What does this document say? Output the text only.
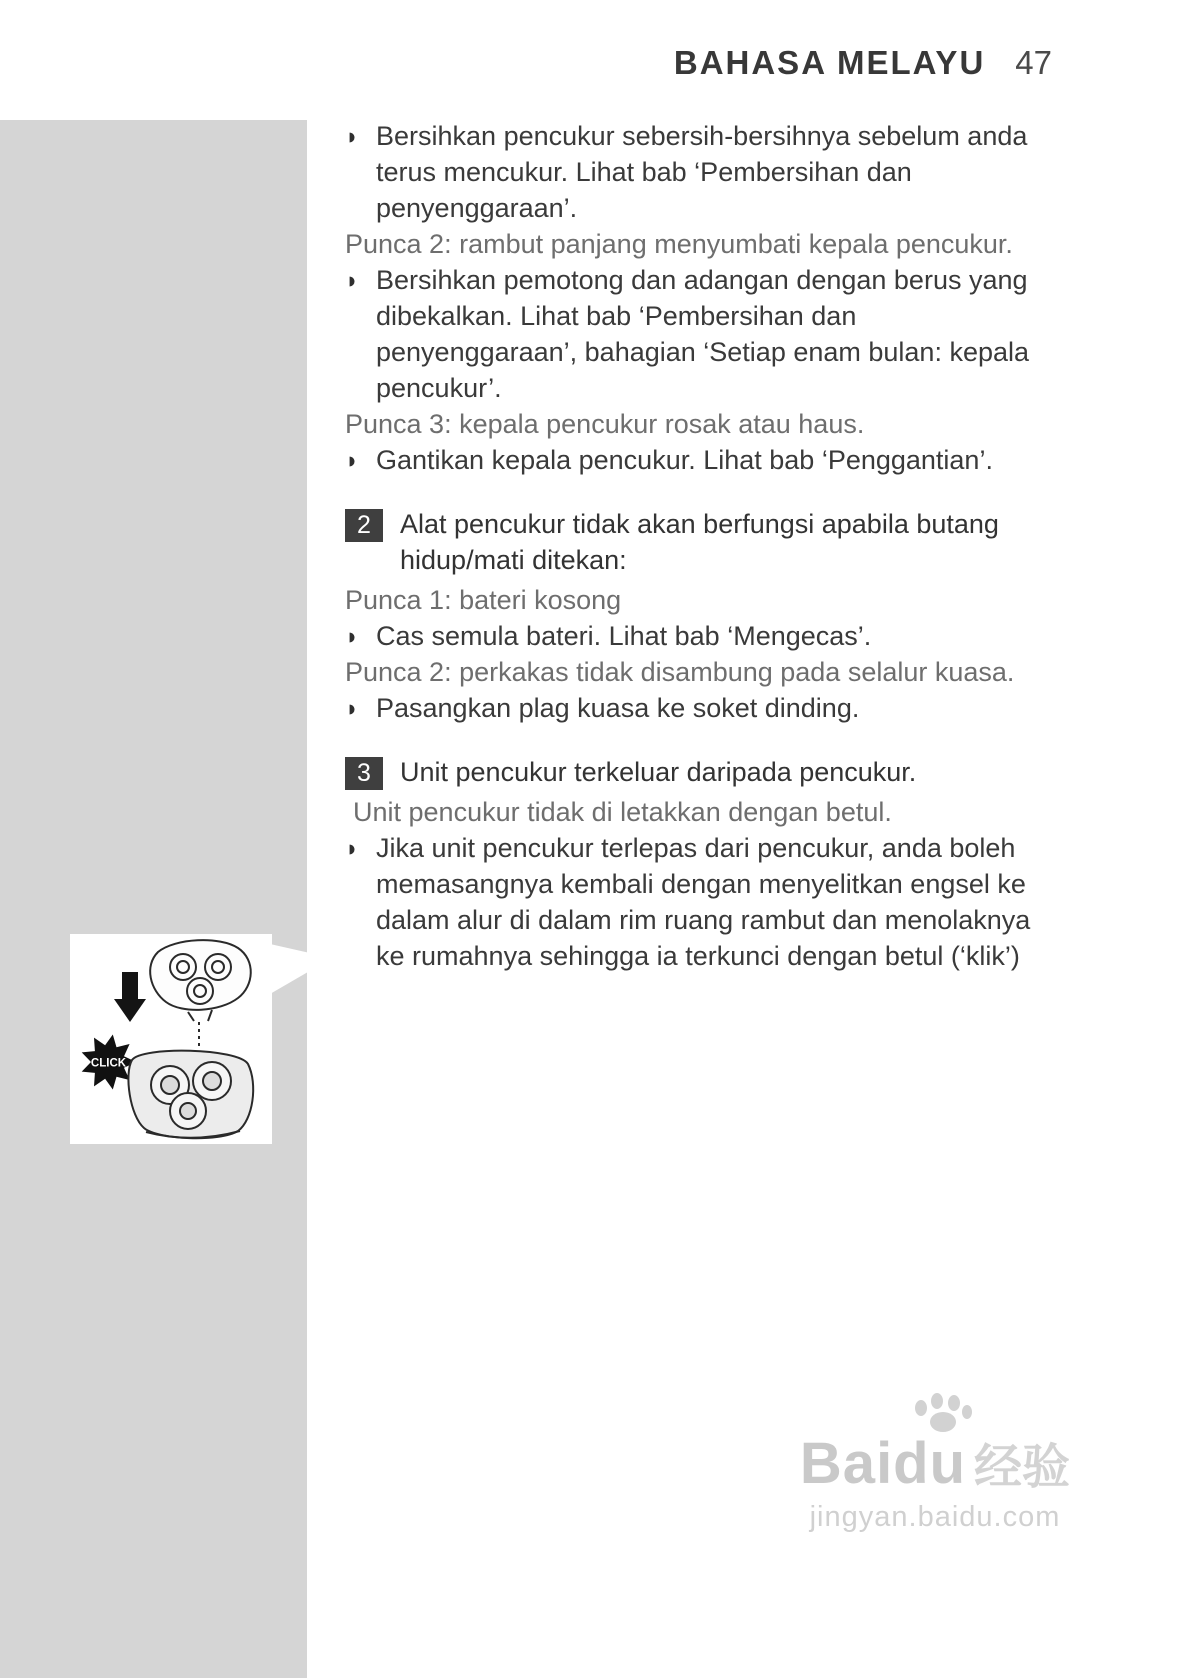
BAHASA MELAYU 47
◗ Bersihkan pencukur sebersih-bersihnya sebelum anda terus mencukur. Lihat bab ‘Pembersihan dan penyenggaraan’.

Punca 2: rambut panjang menyumbati kepala pencukur.

◗ Bersihkan pemotong dan adangan dengan berus yang dibekalkan. Lihat bab ‘Pembersihan dan penyenggaraan’, bahagian ‘Setiap enam bulan: kepala pencukur’.

Punca 3: kepala pencukur rosak atau haus.

◗ Gantikan kepala pencukur. Lihat bab ‘Penggantian’.
2	Alat pencukur tidak akan berfungsi apabila butang hidup/mati ditekan:

Punca 1: bateri kosong

◗ Cas semula bateri. Lihat bab ‘Mengecas’.

Punca 2: perkakas tidak disambung pada selalur kuasa.

◗ Pasangkan plag kuasa ke soket dinding.
3	Unit pencukur terkeluar daripada pencukur.

Unit pencukur tidak di letakkan dengan betul.

◗ Jika unit pencukur terlepas dari pencukur, anda boleh memasangnya kembali dengan menyelitkan engsel ke dalam alur di dalam rim ruang rambut dan menolaknya ke rumahnya sehingga ia terkunci dengan betul (‘klik’)
CLICK
Baidu 经验
jingyan.baidu.com
